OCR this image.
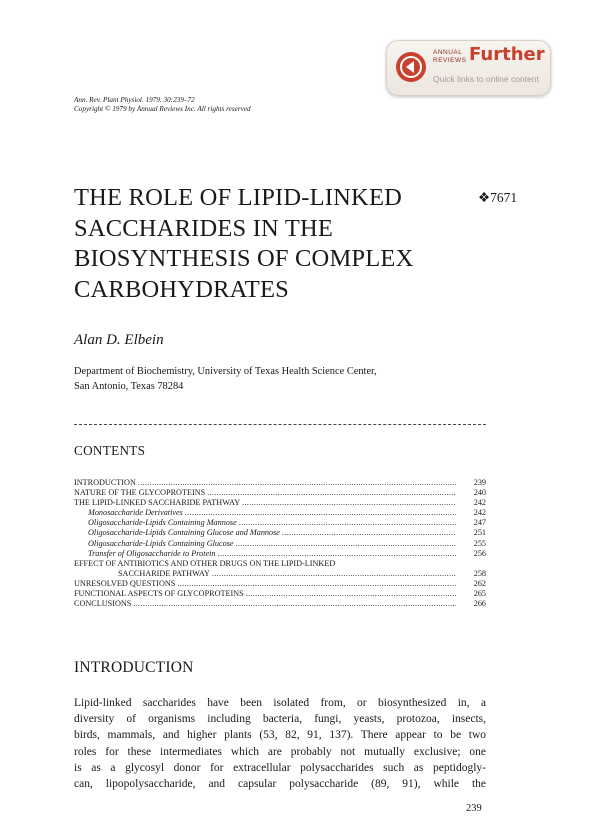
ANNUAL
REVIEWS Further
Quick links to online content
Ann. Rev. Plant Physiol. 1979. 30:239–72
Copyright © 1979 by Annual Reviews Inc. All rights reserved
THE ROLE OF LIPID-LINKED
SACCHARIDES IN THE
BIOSYNTHESIS OF COMPLEX
CARBOHYDRATES
❖7671
Alan D. Elbein
Department of Biochemistry, University of Texas Health Science Center,
San Antonio, Texas 78284
CONTENTS
INTRODUCTION .....	239
NATURE OF THE GLYCOPROTEINS .....	240
THE LIPID-LINKED SACCHARIDE PATHWAY .....	242
Monosaccharide Derivatives .....	242
Oligosaccharide-Lipids Containing Mannose .....	247
Oligosaccharide-Lipids Containing Glucose and Mannose .....	251
Oligosaccharide-Lipids Containing Glucose .....	255
Transfer of Oligosaccharide to Protein .....	256
EFFECT OF ANTIBIOTICS AND OTHER DRUGS ON THE LIPID-LINKED
SACCHARIDE PATHWAY .....	258
UNRESOLVED QUESTIONS .....	262
FUNCTIONAL ASPECTS OF GLYCOPROTEINS .....	265
CONCLUSIONS .....	266
INTRODUCTION
Lipid-linked saccharides have been isolated from, or biosynthesized in, a
diversity of organisms including bacteria, fungi, yeasts, protozoa, insects,
birds, mammals, and higher plants (53, 82, 91, 137). There appear to be two
roles for these intermediates which are probably not mutually exclusive; one
is as a glycosyl donor for extracellular polysaccharides such as peptidogly-
can, lipopolysaccharide, and capsular polysaccharide (89, 91), while the
239
